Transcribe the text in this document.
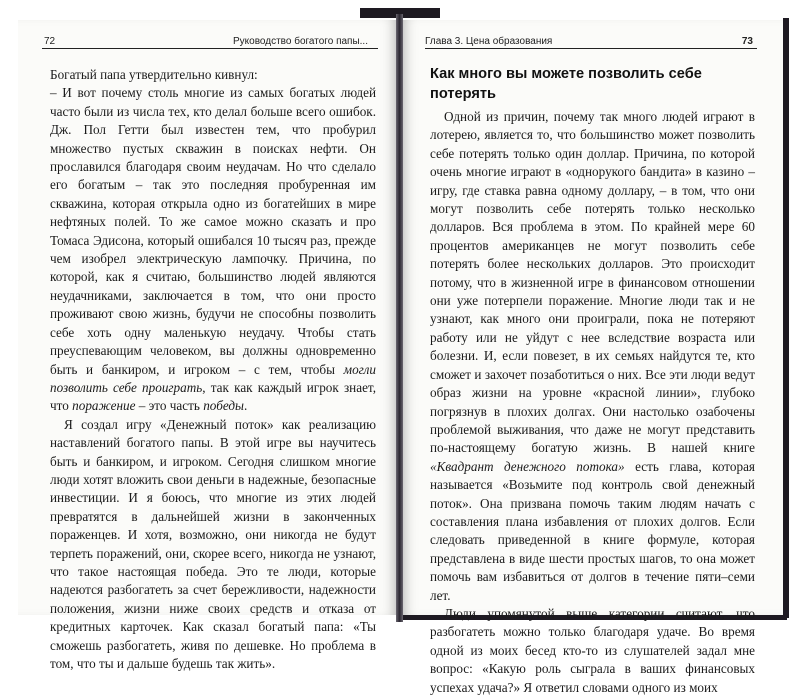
72	Руководство богатого папы...	Глава 3. Цена образования	73

Богатый папа утвердительно кивнул:

– И вот почему столь многие из самых богатых людей часто были из числа тех, кто делал больше всего ошибок. Дж. Пол Гетти был известен тем, что пробурил множество пустых скважин в поисках нефти. Он прославился благодаря своим неудачам. Но что сделало его богатым – так это последняя пробуренная им скважина, которая открыла одно из богатейших в мире нефтяных полей. То же самое можно сказать и про Томаса Эдисона, который ошибался 10 тысяч раз, прежде чем изобрел электрическую лампочку. Причина, по которой, как я считаю, большинство людей являются неудачниками, заключается в том, что они просто проживают свою жизнь, будучи не способны позволить себе хоть одну маленькую неудачу. Чтобы стать преуспевающим человеком, вы должны одновременно быть и банкиром, и игроком – с тем, чтобы могли позволить себе проиграть, так как каждый игрок знает, что поражение – это часть победы.

Я создал игру «Денежный поток» как реализацию наставлений богатого папы. В этой игре вы научитесь быть и банкиром, и игроком. Сегодня слишком многие люди хотят вложить свои деньги в надежные, безопасные инвестиции. И я боюсь, что многие из этих людей превратятся в дальнейшей жизни в законченных пораженцев. И хотя, возможно, они никогда не будут терпеть поражений, они, скорее всего, никогда не узнают, что такое настоящая победа. Это те люди, которые надеются разбогатеть за счет бережливости, надежности положения, жизни ниже своих средств и отказа от кредитных карточек. Как сказал богатый папа: «Ты сможешь разбогатеть, живя по дешевке. Но проблема в том, что ты и дальше будешь так жить».

Как много вы можете позволить себе потерять

Одной из причин, почему так много людей играют в лотерею, является то, что большинство может позволить себе потерять только один доллар. Причина, по которой очень многие играют в «однорукого бандита» в казино – игру, где ставка равна одному доллару, – в том, что они могут позволить себе потерять только несколько долларов. Вся проблема в этом. По крайней мере 60 процентов американцев не могут позволить себе потерять более нескольких долларов. Это происходит потому, что в жизненной игре в финансовом отношении они уже потерпели поражение. Многие люди так и не узнают, как много они проиграли, пока не потеряют работу или не уйдут с нее вследствие возраста или болезни. И, если повезет, в их семьях найдутся те, кто сможет и захочет позаботиться о них. Все эти люди ведут образ жизни на уровне «красной линии», глубоко погрязнув в плохих долгах. Они настолько озабочены проблемой выживания, что даже не могут представить по-настоящему богатую жизнь. В нашей книге «Квадрант денежного потока» есть глава, которая называется «Возьмите под контроль свой денежный поток». Она призвана помочь таким людям начать с составления плана избавления от плохих долгов. Если следовать приведенной в книге формуле, которая представлена в виде шести простых шагов, то она может помочь вам избавиться от долгов в течение пяти–семи лет.

Люди упомянутой выше категории считают, что разбогатеть можно только благодаря удаче. Во время одной из моих бесед кто-то из слушателей задал мне вопрос: «Какую роль сыграла в ваших финансовых успехах удача?» Я ответил словами одного из моих
